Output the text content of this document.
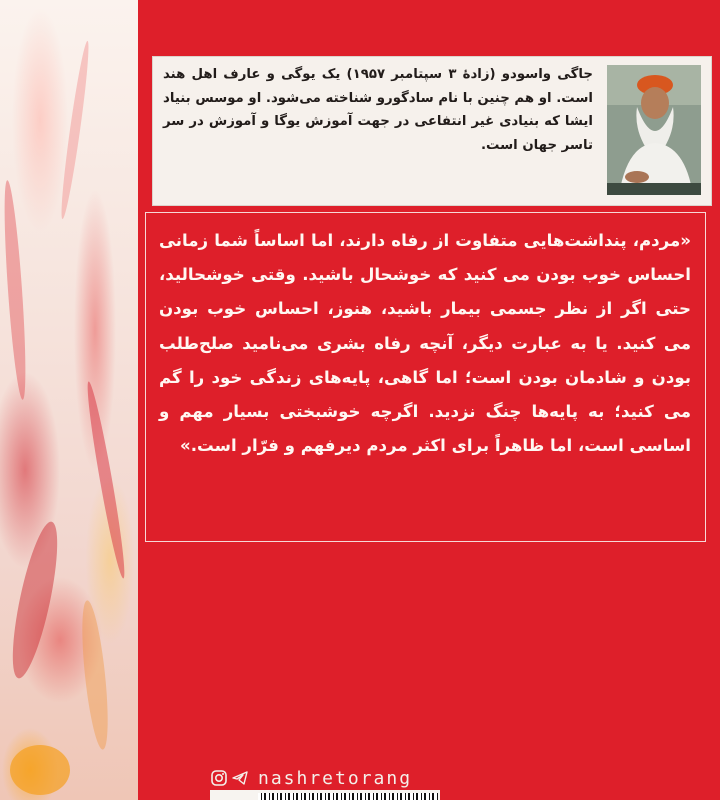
جاگی واسودو (زادهٔ ۳ سپتامبر ۱۹۵۷) یک یوگی و عارف اهل هند است. او هم چنین با نام سادگورو شناخته می‌شود. او موسس بنیاد ایشا که بنیادی غیر انتفاعی در جهت آموزش یوگا و آموزش در سر تاسر جهان است.

«مردم، پنداشت‌هایی متفاوت از رفاه دارند، اما اساساً شما زمانی احساس خوب بودن می کنید که خوشحال باشید. وقتی خوشحالید، حتی اگر از نظر جسمی بیمار باشید، هنوز، احساس خوب بودن می کنید. یا به عبارت دیگر، آنچه رفاه بشری می‌نامید صلح‌طلب بودن و شادمان بودن است؛ اما گاهی، پایه‌های زندگی خود را گم می کنید؛ به پایه‌ها چنگ نزدید. اگرچه خوشبختی بسیار مهم و اساسی است، اما ظاهراً برای اکثر مردم دیرفهم و فرّار است.»

nashretorang
